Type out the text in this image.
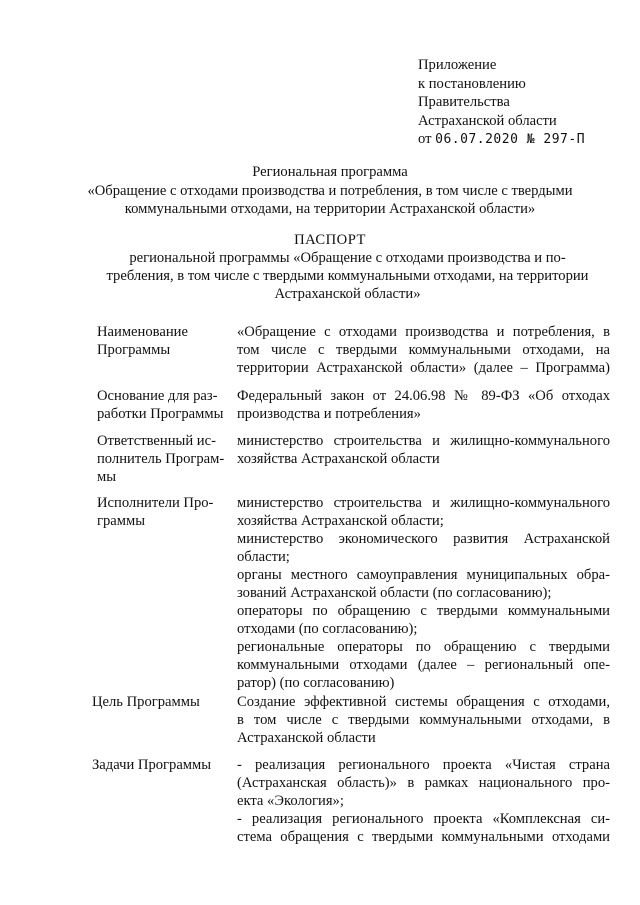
Приложение
к постановлению
Правительства
Астраханской области
от 06.07.2020 № 297-П
Региональная программа
«Обращение с отходами производства и потребления, в том числе с твердыми
коммунальными отходами, на территории Астраханской области»
ПАСПОРТ
региональной программы «Обращение с отходами производства и по-
требления, в том числе с твердыми коммунальными отходами, на территории
Астраханской области»
Наименование
Программы
«Обращение с отходами производства и потребления, в
том числе с твердыми коммунальными отходами, на
территории Астраханской области» (далее – Программа)
Основание для раз-
работки Программы
Федеральный закон от 24.06.98 № 89-ФЗ «Об отходах
производства и потребления»
Ответственный ис-
полнитель Програм-
мы
министерство строительства и жилищно-коммунального
хозяйства Астраханской области
Исполнители Про-
граммы
министерство строительства и жилищно-коммунального
хозяйства Астраханской области;
министерство экономического развития Астраханской
области;
органы местного самоуправления муниципальных обра-
зований Астраханской области (по согласованию);
операторы по обращению с твердыми коммунальными
отходами (по согласованию);
региональные операторы по обращению с твердыми
коммунальными отходами (далее – региональный опе-
ратор) (по согласованию)
Цель Программы	Создание эффективной системы обращения с отходами,
в том числе с твердыми коммунальными отходами, в
Астраханской области
Задачи Программы	- реализация регионального проекта «Чистая страна
(Астраханская область)» в рамках национального про-
екта «Экология»;
- реализация регионального проекта «Комплексная си-
стема обращения с твердыми коммунальными отходами
